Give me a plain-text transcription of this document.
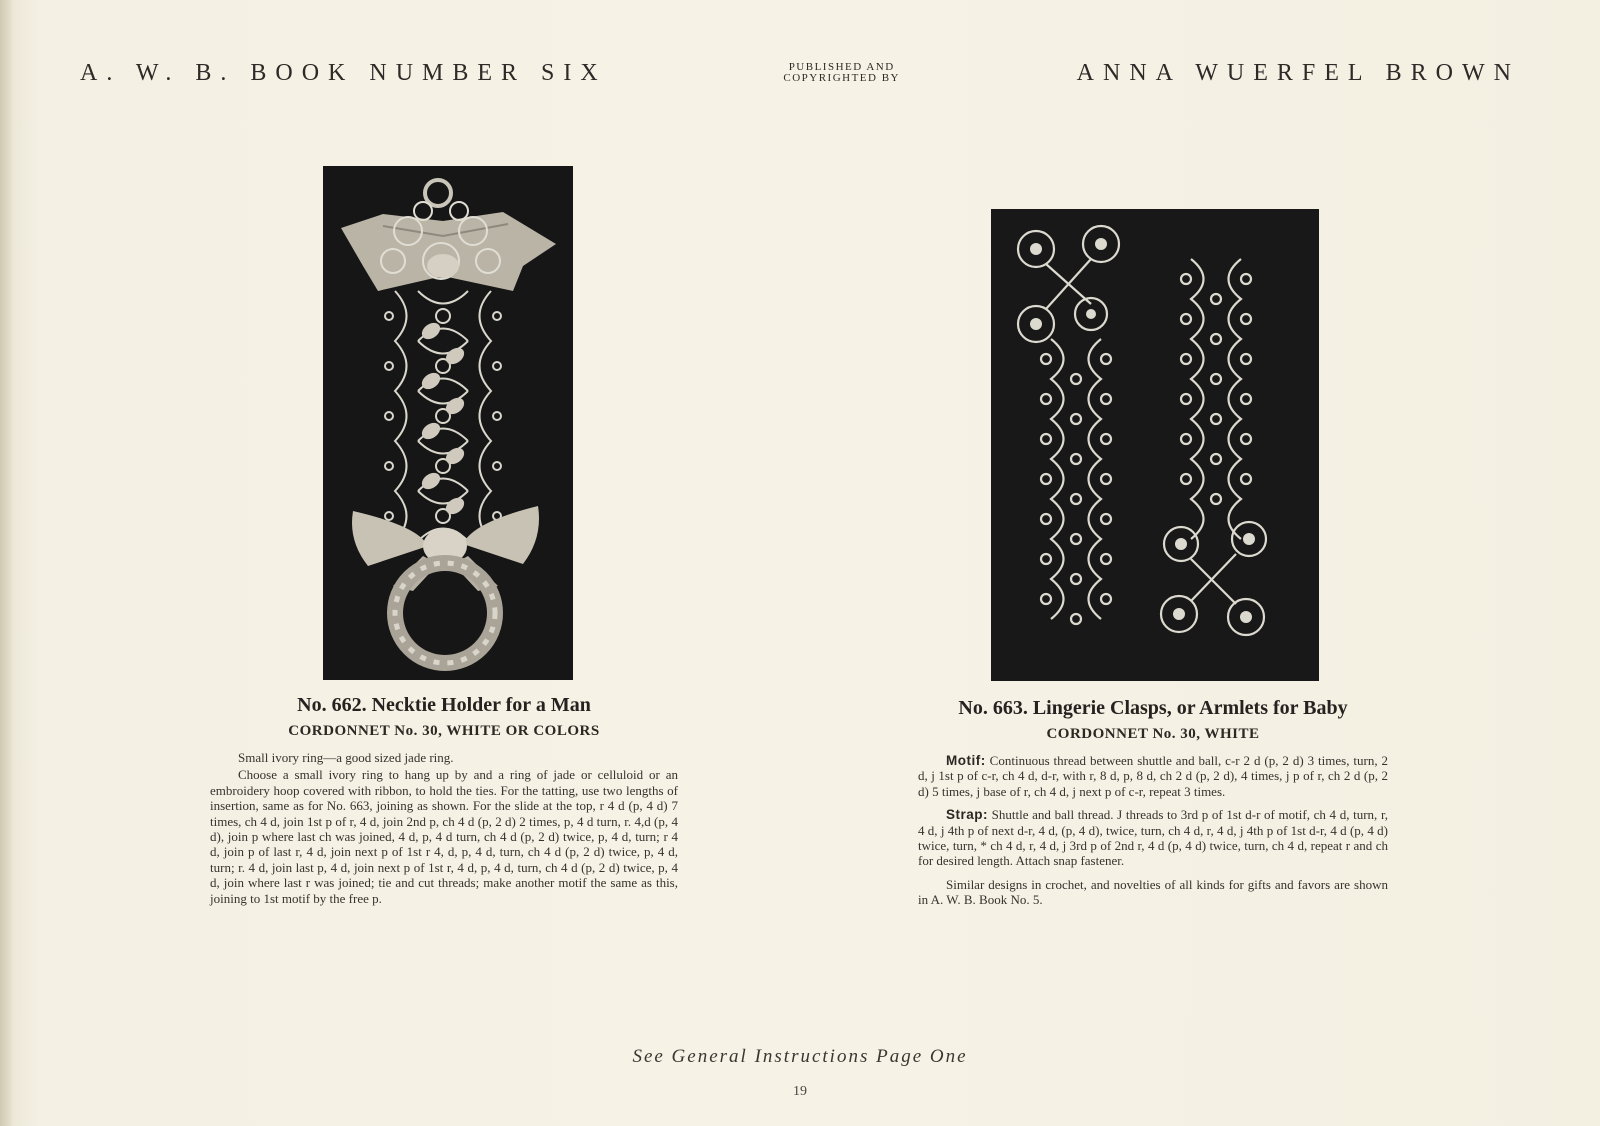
A. W. B. BOOK NUMBER SIX	PUBLISHED AND
COPYRIGHTED BY	ANNA WUERFEL BROWN
No. 662. Necktie Holder for a Man
CORDONNET No. 30, WHITE OR COLORS

Small ivory ring—a good sized jade ring.

Choose a small ivory ring to hang up by and a ring of jade or celluloid or an embroidery hoop covered with ribbon, to hold the ties. For the tatting, use two lengths of insertion, same as for No. 663, joining as shown. For the slide at the top, r 4 d (p, 4 d) 7 times, ch 4 d, join 1st p of r, 4 d, join 2nd p, ch 4 d (p, 2 d) 2 times, p, 4 d turn, r. 4,d (p, 4 d), join p where last ch was joined, 4 d, p, 4 d turn, ch 4 d (p, 2 d) twice, p, 4 d, turn; r 4 d, join p of last r, 4 d, join next p of 1st r 4, d, p, 4 d, turn, ch 4 d (p, 2 d) twice, p, 4 d, turn; r. 4 d, join last p, 4 d, join next p of 1st r, 4 d, p, 4 d, turn, ch 4 d (p, 2 d) twice, p, 4 d, join where last r was joined; tie and cut threads; make another motif the same as this, joining to 1st motif by the free p.

No. 663. Lingerie Clasps, or Armlets for Baby
CORDONNET No. 30, WHITE

Motif: Continuous thread between shuttle and ball, c-r 2 d (p, 2 d) 3 times, turn, 2 d, j 1st p of c-r, ch 4 d, d-r, with r, 8 d, p, 8 d, ch 2 d (p, 2 d), 4 times, j p of r, ch 2 d (p, 2 d) 5 times, j base of r, ch 4 d, j next p of c-r, repeat 3 times.

Strap: Shuttle and ball thread. J threads to 3rd p of 1st d-r of motif, ch 4 d, turn, r, 4 d, j 4th p of next d-r, 4 d, (p, 4 d), twice, turn, ch 4 d, r, 4 d, j 4th p of 1st d-r, 4 d (p, 4 d) twice, turn, * ch 4 d, r, 4 d, j 3rd p of 2nd r, 4 d (p, 4 d) twice, turn, ch 4 d, repeat r and ch for desired length. Attach snap fastener.

Similar designs in crochet, and novelties of all kinds for gifts and favors are shown in A. W. B. Book No. 5.

See General Instructions Page One
19
